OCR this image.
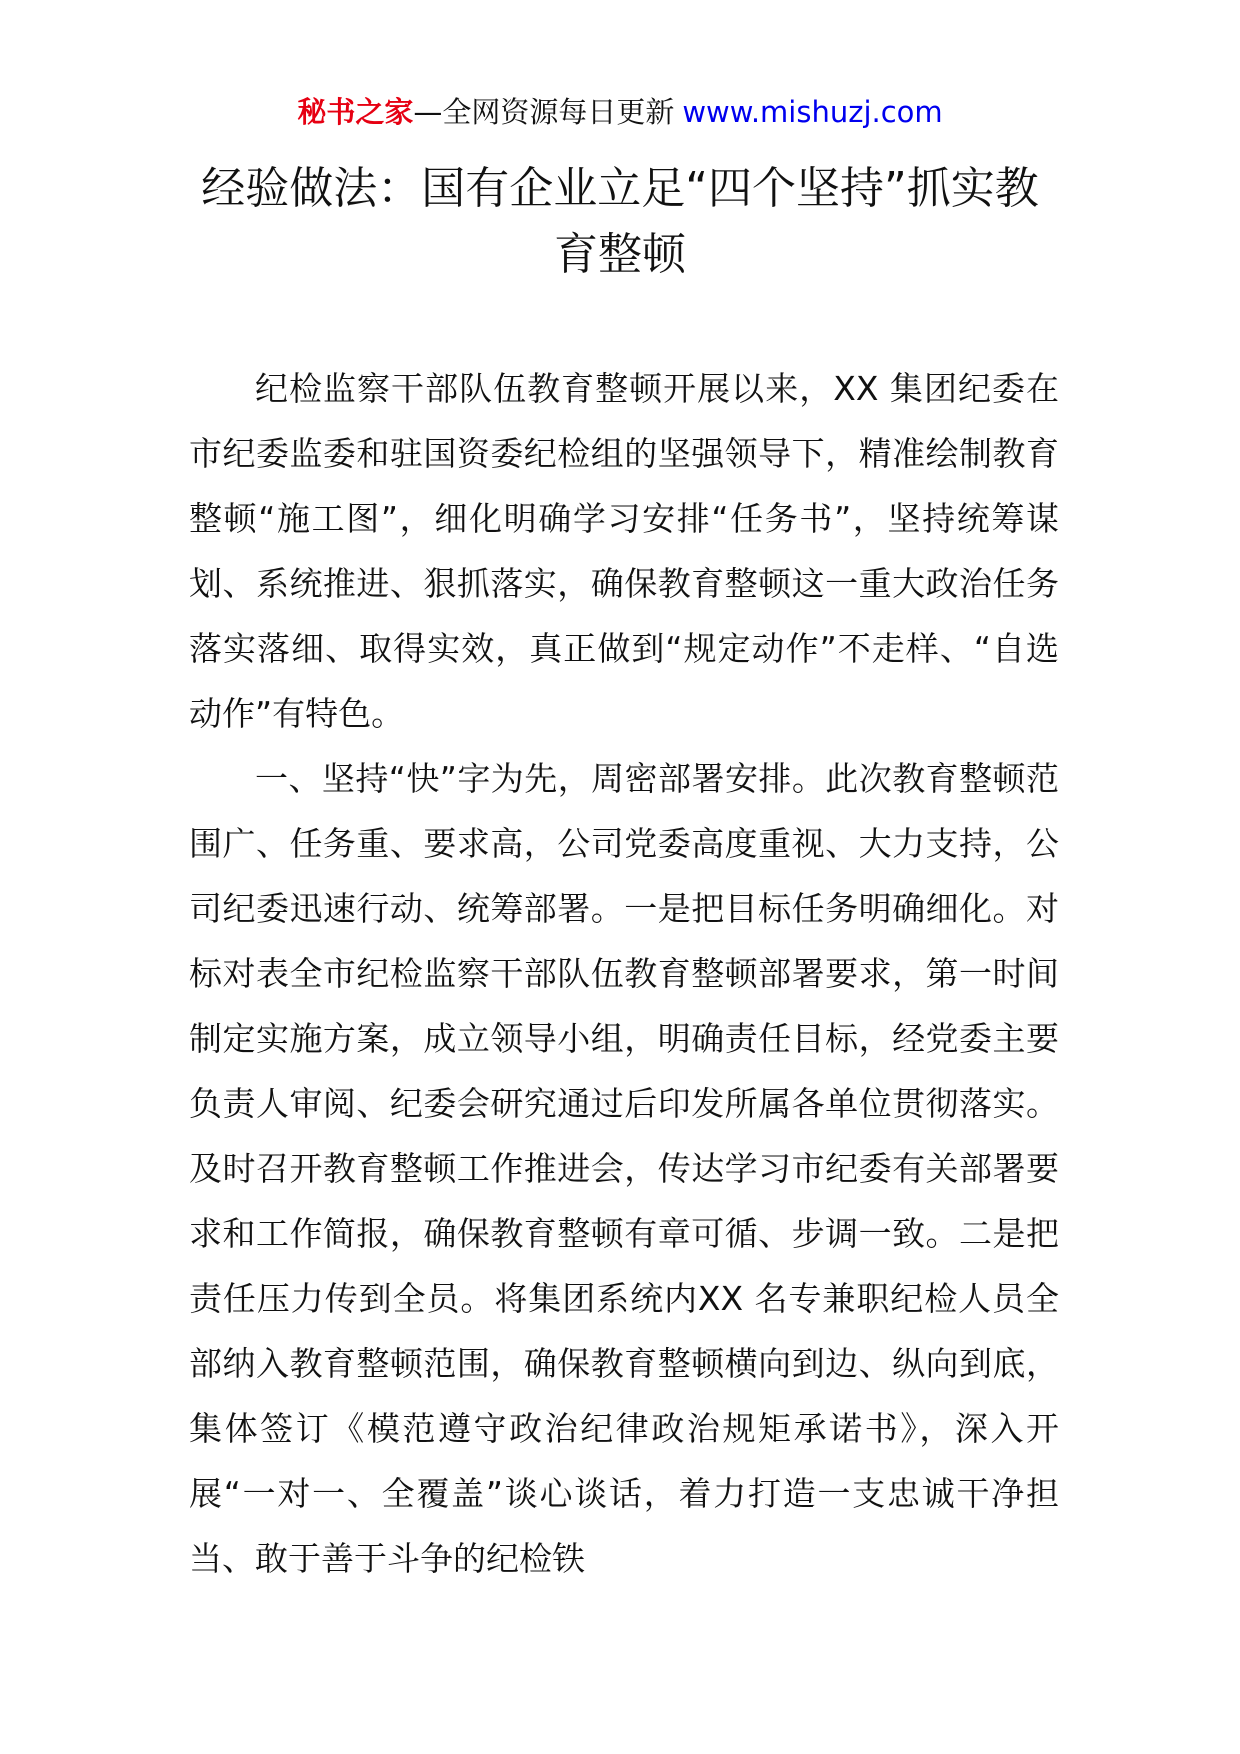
秘书之家—全网资源每日更新 www.mishuzj.com
经验做法：国有企业立足“四个坚持”抓实教育整顿

纪检监察干部队伍教育整顿开展以来，XX 集团纪委在市纪委监委和驻国资委纪检组的坚强领导下，精准绘制教育整顿“施工图”，细化明确学习安排“任务书”，坚持统筹谋划、系统推进、狠抓落实，确保教育整顿这一重大政治任务落实落细、取得实效，真正做到“规定动作”不走样、“自选动作”有特色。

一、坚持“快”字为先，周密部署安排。此次教育整顿范围广、任务重、要求高，公司党委高度重视、大力支持，公司纪委迅速行动、统筹部署。一是把目标任务明确细化。对标对表全市纪检监察干部队伍教育整顿部署要求，第一时间制定实施方案，成立领导小组，明确责任目标，经党委主要负责人审阅、纪委会研究通过后印发所属各单位贯彻落实。及时召开教育整顿工作推进会，传达学习市纪委有关部署要求和工作简报，确保教育整顿有章可循、步调一致。二是把责任压力传到全员。将集团系统内XX 名专兼职纪检人员全部纳入教育整顿范围，确保教育整顿横向到边、纵向到底，集体签订《模范遵守政治纪律政治规矩承诺书》，深入开展“一对一、全覆盖”谈心谈话，着力打造一支忠诚干净担当、敢于善于斗争的纪检铁
